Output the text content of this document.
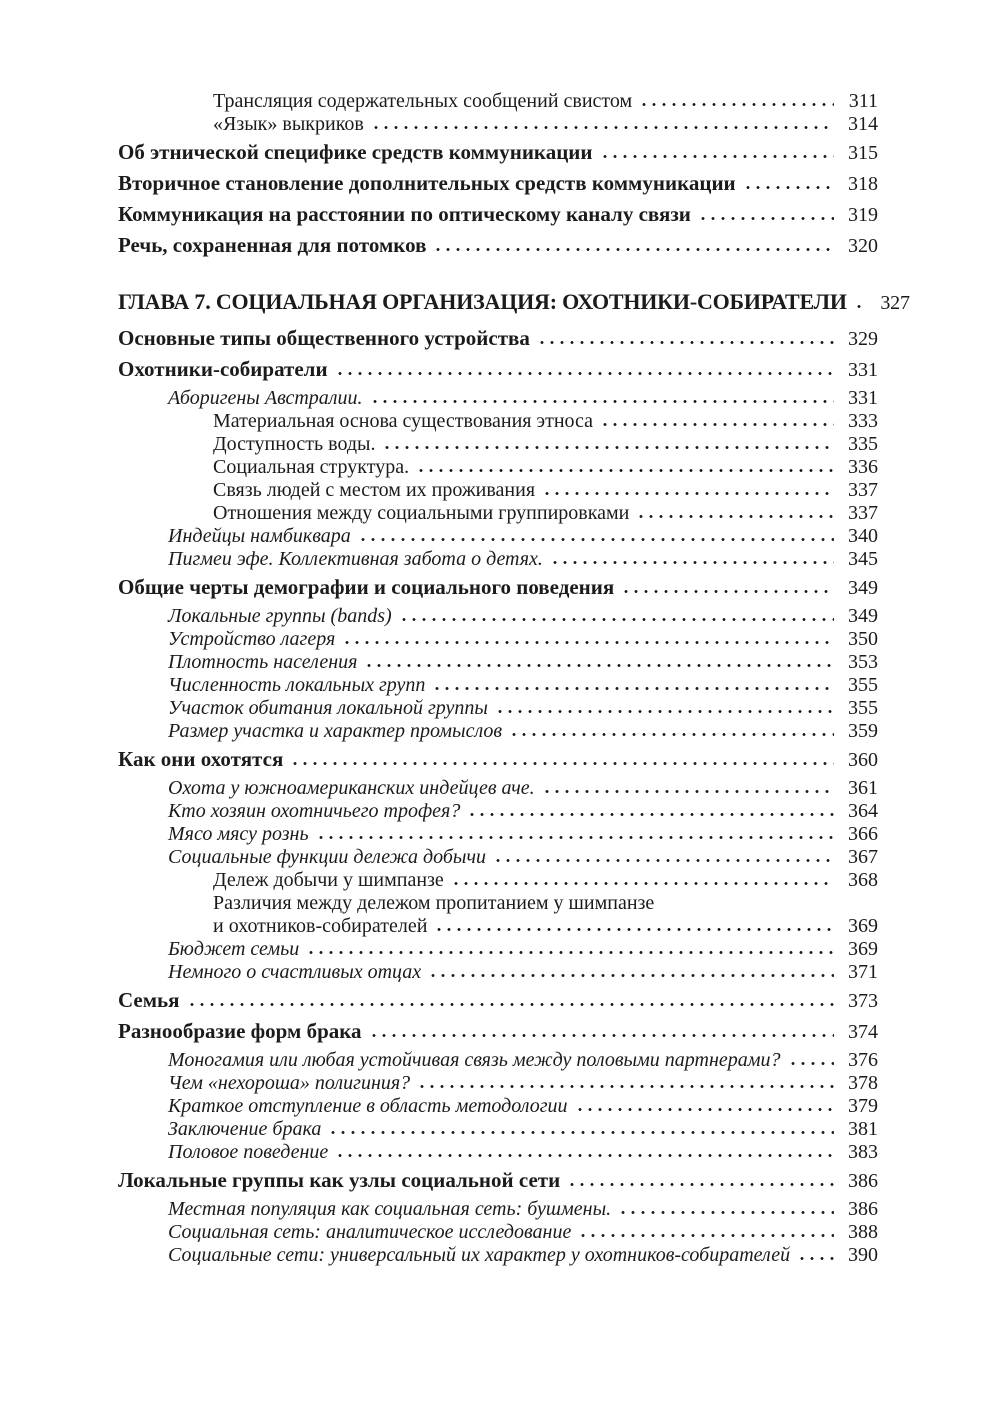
Трансляция содержательных сообщений свистом	311
«Язык» выкриков	314
Об этнической специфике средств коммуникации	315
Вторичное становление дополнительных средств коммуникации	318
Коммуникация на расстоянии по оптическому каналу связи	319
Речь, сохраненная для потомков	320
ГЛАВА 7. СОЦИАЛЬНАЯ ОРГАНИЗАЦИЯ: ОХОТНИКИ-СОБИРАТЕЛИ	327
Основные типы общественного устройства	329
Охотники-собиратели	331
Аборигены Австралии.	331
Материальная основа существования этноса	333
Доступность воды.	335
Социальная структура.	336
Связь людей с местом их проживания	337
Отношения между социальными группировками	337
Индейцы намбиквара	340
Пигмеи эфе. Коллективная забота о детях.	345
Общие черты демографии и социального поведения	349
Локальные группы (bands)	349
Устройство лагеря	350
Плотность населения	353
Численность локальных групп	355
Участок обитания локальной группы	355
Размер участка и характер промыслов	359
Как они охотятся	360
Охота у южноамериканских индейцев аче.	361
Кто хозяин охотничьего трофея?	364
Мясо мясу рознь	366
Социальные функции дележа добычи	367
Дележ добычи у шимпанзе	368
Различия между дележом пропитанием у шимпанзе
и охотников-собирателей	369
Бюджет семьи	369
Немного о счастливых отцах	371
Семья	373
Разнообразие форм брака	374
Моногамия или любая устойчивая связь между половыми партнерами?	376
Чем «нехороша» полигиния?	378
Краткое отступление в область методологии	379
Заключение брака	381
Половое поведение	383
Локальные группы как узлы социальной сети	386
Местная популяция как социальная сеть: бушмены.	386
Социальная сеть: аналитическое исследование	388
Социальные сети: универсальный их характер у охотников-собирателей	390
